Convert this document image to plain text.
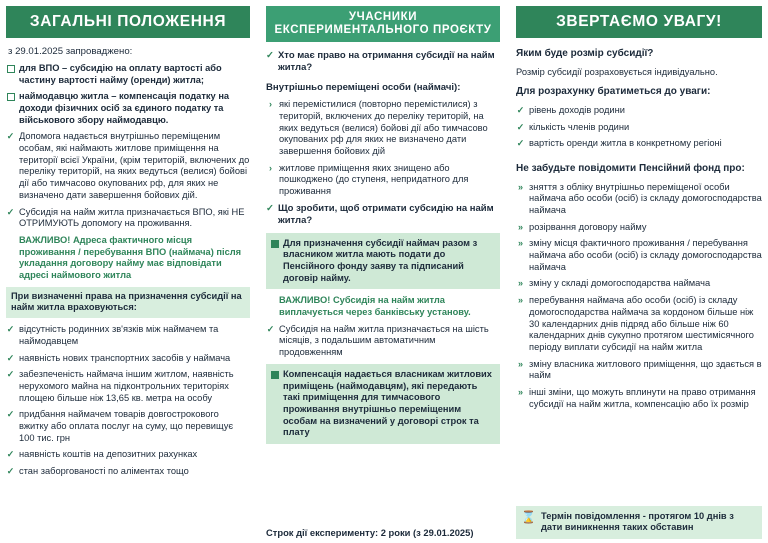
ЗАГАЛЬНІ ПОЛОЖЕННЯ
з 29.01.2025 запроваджено:
для ВПО – субсидію на оплату вартості або частину вартості найму (оренди) житла;
наймодавцю житла – компенсація податку на доходи фізичних осіб за єдиного податку та військового збору наймодавцю.
✓ Допомога надається внутрішньо переміщеним особам, які наймають житлове приміщення на території всієї України, (крім територій, включених до переліку територій, на яких ведуться (велися) бойові дії або тимчасово окупованих рф, для яких не визначено дати завершення бойових дій.
✓ Субсидія на найм житла призначається ВПО, які НЕ ОТРИМУЮТЬ допомогу на проживання.
ВАЖЛИВО! Адреса фактичного місця проживання / перебування ВПО (наймача) після укладання договору найму має відповідати адресі наймового житла
При визначенні права на призначення субсидії на найм житла враховуються:
✓ відсутність родинних зв'язків між наймачем та наймодавцем
✓ наявність нових транспортних засобів у наймача
✓ забезпеченість наймача іншим житлом, наявність нерухомого майна на підконтрольних територіях площею більше ніж 13,65 кв. метра на особу
✓ придбання наймачем товарів довгострокового вжитку або оплата послуг на суму, що перевищує 100 тис. грн
✓ наявність коштів на депозитних рахунках
✓ стан заборгованості по аліментах тощо
УЧАСНИКИ ЕКСПЕРИМЕНТАЛЬНОГО ПРОЄКТУ
✓ Хто має право на отримання субсидії на найм житла?
Внутрішньо переміщені особи (наймачі):
› які перемістилися (повторно перемістилися) з територій, включених до переліку територій, на яких ведуться (велися) бойові дії або тимчасово окупованих рф для яких не визначено дати завершення бойових дій
› житлове приміщення яких знищено або пошкоджено (до ступеня, непридатного для проживання
✓ Що зробити, щоб отримати субсидію на найм житла?
Для призначення субсидії наймач разом з власником житла мають подати до Пенсійного фонду заяву та підписаний договір найму.
ВАЖЛИВО! Субсидія на найм житла виплачується через банківську установу.
✓ Субсидія на найм житла призначається на шість місяців, з подальшим автоматичним продовженням
Компенсація надається власникам житлових приміщень (наймодавцям), які передають такі приміщення для тимчасового проживання внутрішньо переміщеним особам на визначений у договорі строк та плату
Строк дії експерименту: 2 роки (з 29.01.2025)
ЗВЕРТАЄМО УВАГУ!
Яким буде розмір субсидії?
Розмір субсидії розраховується індивідуально.
Для розрахунку братиметься до уваги:
✓ рівень доходів родини
✓ кількість членів родини
✓ вартість оренди житла в конкретному регіоні
Не забудьте повідомити Пенсійний фонд про:
» зняття з обліку внутрішньо переміщеної особи наймача або особи (осіб) із складу домогосподарства наймача
» розірвання договору найму
» зміну місця фактичного проживання / перебування наймача або особи (осіб) із складу домогосподарства наймача
» зміну у складі домогосподарства наймача
» перебування наймача або особи (осіб) із складу домогосподарства наймача за кордоном більше ніж 30 календарних днів підряд або більше ніж 60 календарних днів сукупно протягом шестимісячного періоду виплати субсидії на найм житла
» зміну власника житлового приміщення, що здається в найм
» інші зміни, що можуть вплинути на право отримання субсидії на найм житла, компенсацію або їх розмір
⌛ Термін повідомлення - протягом 10 днів з дати виникнення таких обставин
